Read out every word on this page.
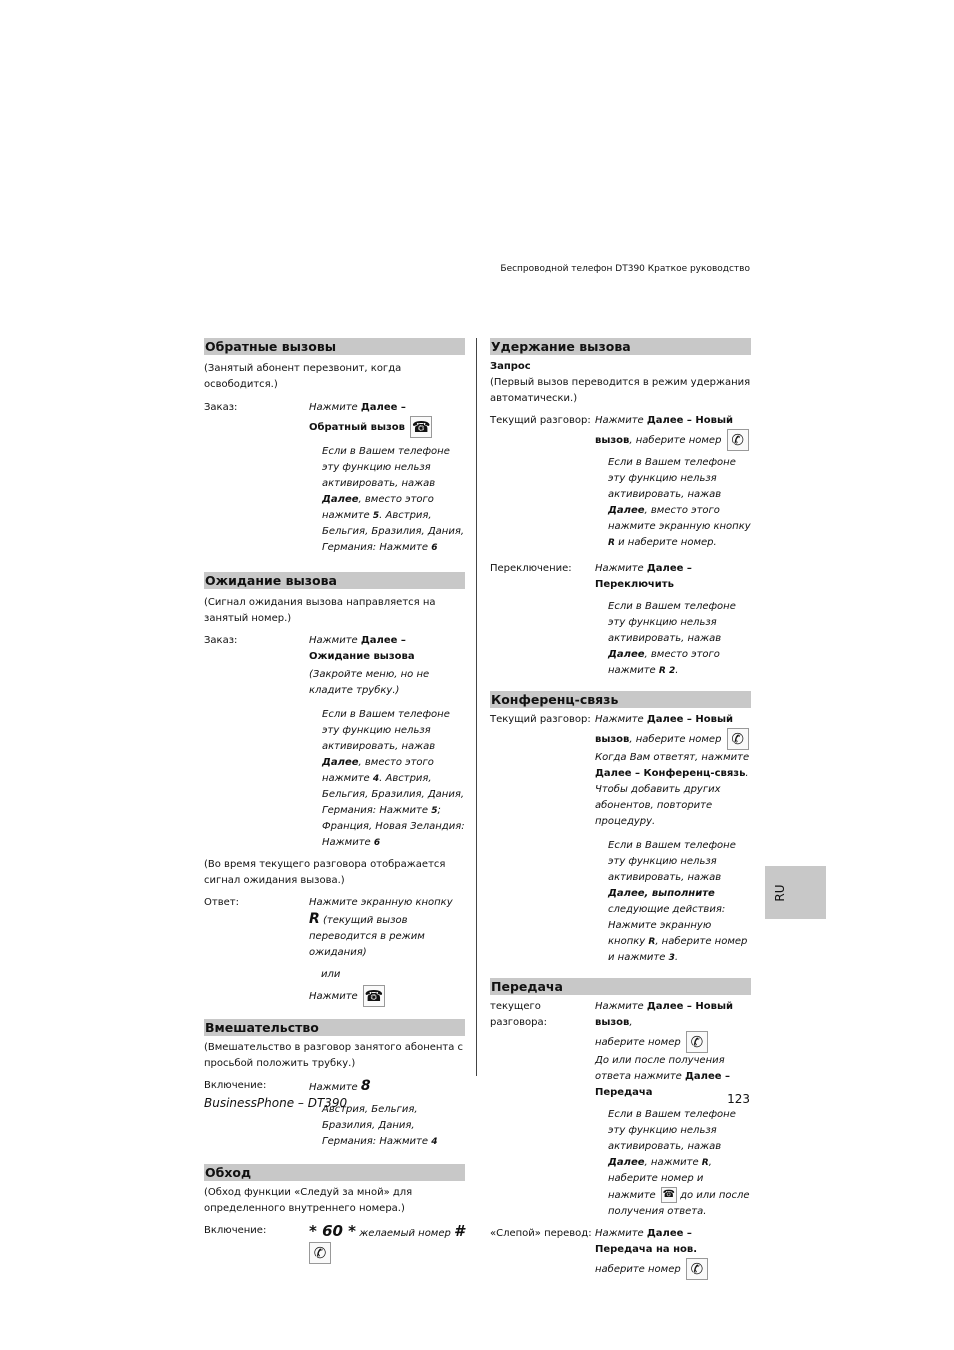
Беспроводной телефон DT390 Краткое руководство
Обратные вызовы
(Занятый абонент перезвонит, когда освободится.)
Заказ:	Нажмите Далее – Обратный вызов ☎
Если в Вашем телефоне эту функцию нельзя активировать, нажав Далее, вместо этого нажмите 5. Австрия, Бельгия, Бразилия, Дания, Германия: Нажмите 6
Ожидание вызова
(Сигнал ожидания вызова направляется на занятый номер.)
Заказ:	Нажмите Далее – Ожидание вызова
(Закройте меню, но не кладите трубку.)
Если в Вашем телефоне эту функцию нельзя активировать, нажав Далее, вместо этого нажмите 4. Австрия, Бельгия, Бразилия, Дания, Германия: Нажмите 5; Франция, Новая Зеландия: Нажмите 6
(Во время текущего разговора отображается сигнал ожидания вызова.)
Ответ:	Нажмите экранную кнопку R (текущий вызов переводится в режим ожидания)
или
Нажмите ☎
Вмешательство
(Вмешательство в разговор занятого абонента с просьбой положить трубку.)
Включение:	Нажмите 8
Австрия, Бельгия, Бразилия, Дания, Германия: Нажмите 4
Обход
(Обход функции «Следуй за мной» для определенного внутреннего номера.)
Включение:	* 60 * желаемый номер #
✆
Удержание вызова
Запрос
(Первый вызов переводится в режим удержания автоматически.)
Текущий разговор: Нажмите Далее – Новый вызов, наберите номер ✆
Если в Вашем телефоне эту функцию нельзя активировать, нажав Далее, вместо этого нажмите экранную кнопку R и наберите номер.
Переключение:	Нажмите Далее – Переключить
Если в Вашем телефоне эту функцию нельзя активировать, нажав Далее, вместо этого нажмите R 2.
Конференц-связь
Текущий разговор: Нажмите Далее – Новый вызов, наберите номер ✆
Когда Вам ответят, нажмите Далее – Конференц-связь. Чтобы добавить других абонентов, повторите процедуру.
Если в Вашем телефоне эту функцию нельзя активировать, нажав Далее, выполните следующие действия: Нажмите экранную кнопку R, наберите номер и нажмите 3.
Передача
текущего разговора:
Нажмите Далее – Новый вызов,
наберите номер ✆
До или после получения ответа нажмите Далее – Передача
Если в Вашем телефоне эту функцию нельзя активировать, нажав Далее, нажмите R, наберите номер и нажмите ☎ до или после получения ответа.
«Слепой» перевод: Нажмите Далее – Передача на нов.
наберите номер ✆
RU
BusinessPhone – DT390	123
